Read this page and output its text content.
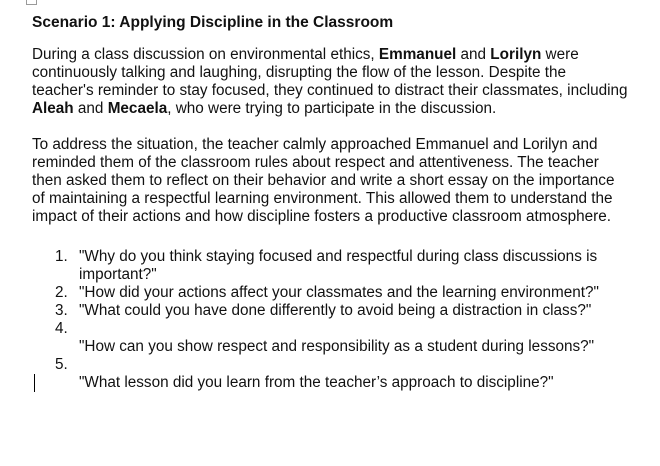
Scenario 1: Applying Discipline in the Classroom

During a class discussion on environmental ethics, Emmanuel and Lorilyn were
continuously talking and laughing, disrupting the flow of the lesson. Despite the
teacher's reminder to stay focused, they continued to distract their classmates, including
Aleah and Mecaela, who were trying to participate in the discussion.

To address the situation, the teacher calmly approached Emmanuel and Lorilyn and
reminded them of the classroom rules about respect and attentiveness. The teacher
then asked them to reflect on their behavior and write a short essay on the importance
of maintaining a respectful learning environment. This allowed them to understand the
impact of their actions and how discipline fosters a productive classroom atmosphere.

1. "Why do you think staying focused and respectful during class discussions is
important?"
2. "How did your actions affect your classmates and the learning environment?"
3. "What could you have done differently to avoid being a distraction in class?"
4.
"How can you show respect and responsibility as a student during lessons?"
5.
"What lesson did you learn from the teacher’s approach to discipline?"
